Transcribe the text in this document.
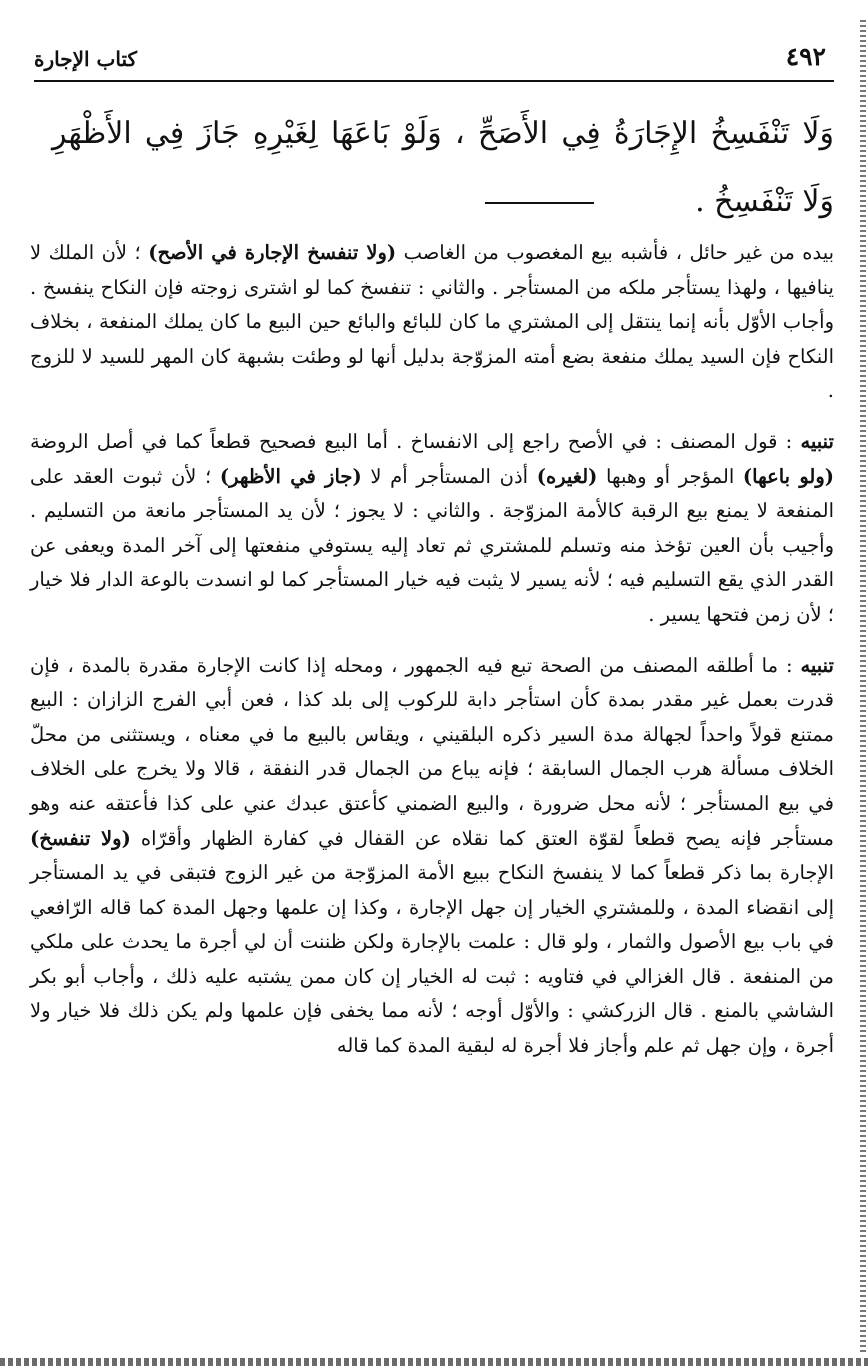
٤٩٢
كتاب الإجارة
وَلَا تَنْفَسِخُ الإِجَارَةُ فِي الأَصَحِّ ، وَلَوْ بَاعَهَا لِغَيْرِهِ جَازَ فِي الأَظْهَرِ وَلَا تَنْفَسِخُ .

بيده من غير حائل ، فأشبه بيع المغصوب من الغاصب (ولا تنفسخ الإجارة في الأصح) ؛ لأن الملك لا ينافيها ، ولهذا يستأجر ملكه من المستأجر . والثاني : تنفسخ كما لو اشترى زوجته فإن النكاح ينفسخ . وأجاب الأوّل بأنه إنما ينتقل إلى المشتري ما كان للبائع والبائع حين البيع ما كان يملك المنفعة ، بخلاف النكاح فإن السيد يملك منفعة بضع أمته المزوّجة بدليل أنها لو وطئت بشبهة كان المهر للسيد لا للزوج .

تنبيه : قول المصنف : في الأصح راجع إلى الانفساخ . أما البيع فصحيح قطعاً كما في أصل الروضة (ولو باعها) المؤجر أو وهبها (لغيره) أذن المستأجر أم لا (جاز في الأظهر) ؛ لأن ثبوت العقد على المنفعة لا يمنع بيع الرقبة كالأمة المزوّجة . والثاني : لا يجوز ؛ لأن يد المستأجر مانعة من التسليم . وأجيب بأن العين تؤخذ منه وتسلم للمشتري ثم تعاد إليه يستوفي منفعتها إلى آخر المدة ويعفى عن القدر الذي يقع التسليم فيه ؛ لأنه يسير لا يثبت فيه خيار المستأجر كما لو انسدت بالوعة الدار فلا خيار ؛ لأن زمن فتحها يسير .

تنبيه : ما أطلقه المصنف من الصحة تبع فيه الجمهور ، ومحله إذا كانت الإجارة مقدرة بالمدة ، فإن قدرت بعمل غير مقدر بمدة كأن استأجر دابة للركوب إلى بلد كذا ، فعن أبي الفرج الزازان : البيع ممتنع قولاً واحداً لجهالة مدة السير ذكره البلقيني ، ويقاس بالبيع ما في معناه ، ويستثنى من محلّ الخلاف مسألة هرب الجمال السابقة ؛ فإنه يباع من الجمال قدر النفقة ، قالا ولا يخرج على الخلاف في بيع المستأجر ؛ لأنه محل ضرورة ، والبيع الضمني كأعتق عبدك عني على كذا فأعتقه عنه وهو مستأجر فإنه يصح قطعاً لقوّة العتق كما نقلاه عن القفال في كفارة الظهار وأقرّاه (ولا تنفسخ) الإجارة بما ذكر قطعاً كما لا ينفسخ النكاح ببيع الأمة المزوّجة من غير الزوج فتبقى في يد المستأجر إلى انقضاء المدة ، وللمشتري الخيار إن جهل الإجارة ، وكذا إن علمها وجهل المدة كما قاله الرّافعي في باب بيع الأصول والثمار ، ولو قال : علمت بالإجارة ولكن ظننت أن لي أجرة ما يحدث على ملكي من المنفعة . قال الغزالي في فتاويه : ثبت له الخيار إن كان ممن يشتبه عليه ذلك ، وأجاب أبو بكر الشاشي بالمنع . قال الزركشي : والأوّل أوجه ؛ لأنه مما يخفى فإن علمها ولم يكن ذلك فلا خيار ولا أجرة ، وإن جهل ثم علم وأجاز فلا أجرة له لبقية المدة كما قاله
